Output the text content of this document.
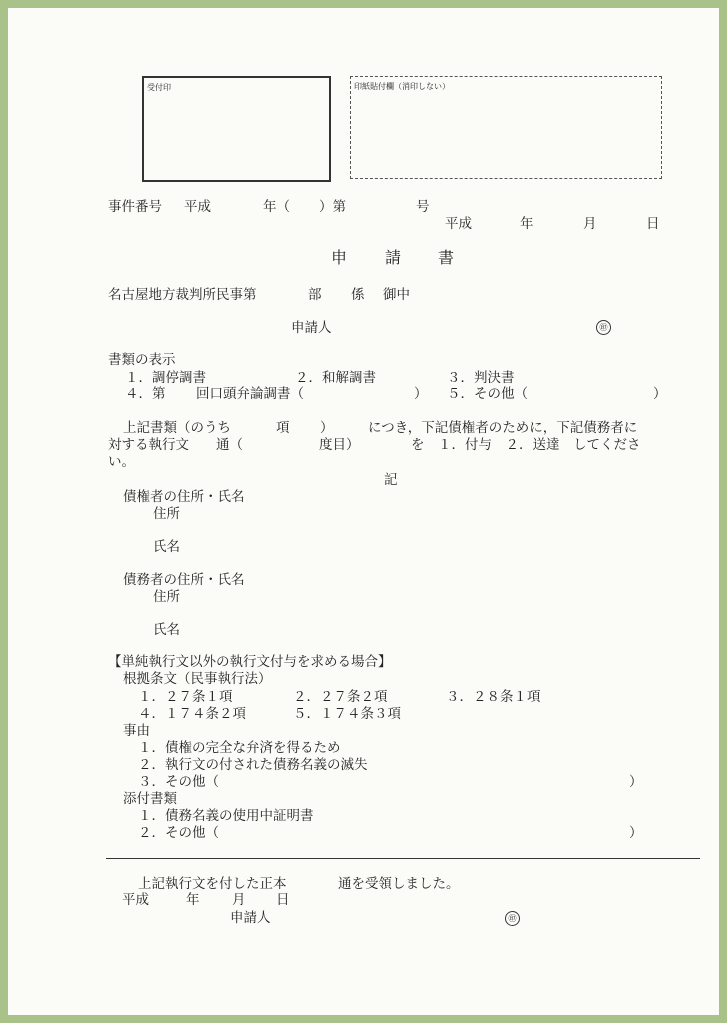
受付印	印紙貼付欄（消印しない）
事件番号 平成	年（ ）第	号
平成	年	月	日
申 請 書
名古屋地方裁判所民事第	部 係 御中
申請人	㊞
書類の表示
１．調停調書	２．和解調書	３．判決書
４．第 回口頭弁論調書（	） ５．その他（	）
上記書類（のうち	項 ）	につき，下記債権者のために，下記債務者に
対する執行文 通（	度目）	を　１．付与　２．送達　してくださ
い。
記
債権者の住所・氏名
住所
氏名
債務者の住所・氏名
住所
氏名
【単純執行文以外の執行文付与を求める場合】
根拠条文（民事執行法）
１．２７条１項	２．２７条２項	３．２８条１項
４．１７４条２項	５．１７４条３項
事由
１．債権の完全な弁済を得るため
２．執行文の付された債務名義の滅失
３．その他（	）
添付書類
１．債務名義の使用中証明書
２．その他（	）
上記執行文を付した正本	通を受領しました。
平成	年 月 日
申請人	㊞
